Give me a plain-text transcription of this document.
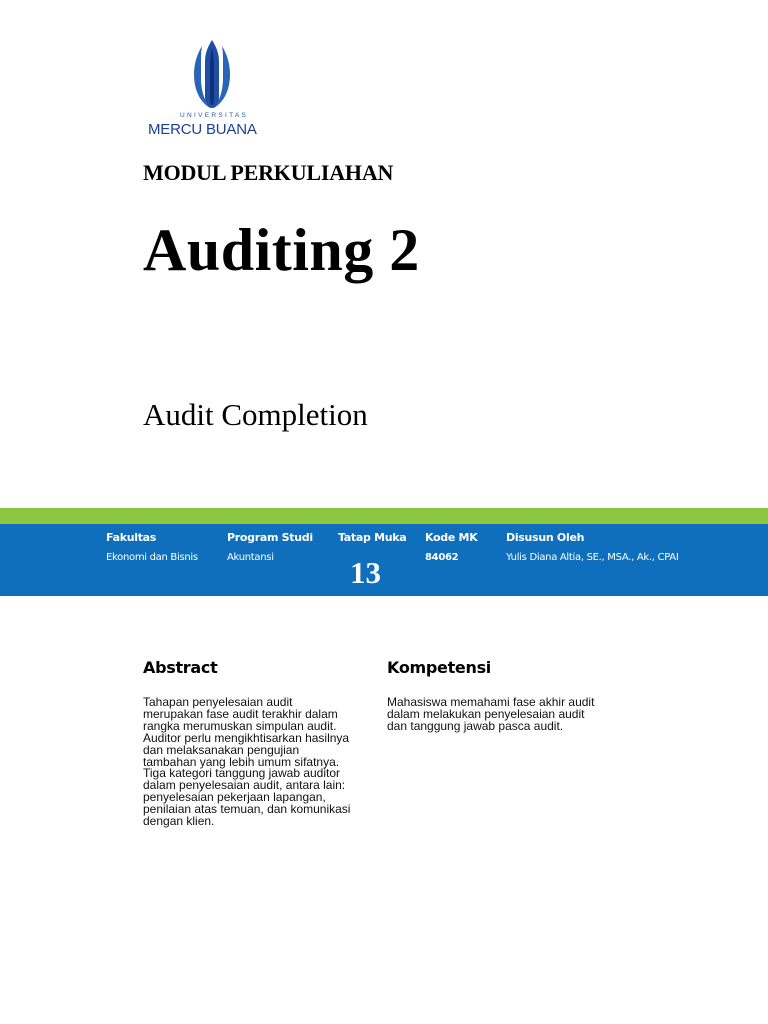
UNIVERSITAS
MERCU BUANA
MODUL PERKULIAHAN
Auditing 2
Audit Completion
Fakultas
Ekonomi dan Bisnis
Program Studi
Akuntansi
Tatap Muka
13
Kode MK
84062
Disusun Oleh
Yulis Diana Altia, SE., MSA., Ak., CPAI
Abstract
Tahapan penyelesaian audit
merupakan fase audit terakhir dalam
rangka merumuskan simpulan audit.
Auditor perlu mengikhtisarkan hasilnya
dan melaksanakan pengujian
tambahan yang lebih umum sifatnya.
Tiga kategori tanggung jawab auditor
dalam penyelesaian audit, antara lain:
penyelesaian pekerjaan lapangan,
penilaian atas temuan, dan komunikasi
dengan klien.
Kompetensi
Mahasiswa memahami fase akhir audit
dalam melakukan penyelesaian audit
dan tanggung jawab pasca audit.
